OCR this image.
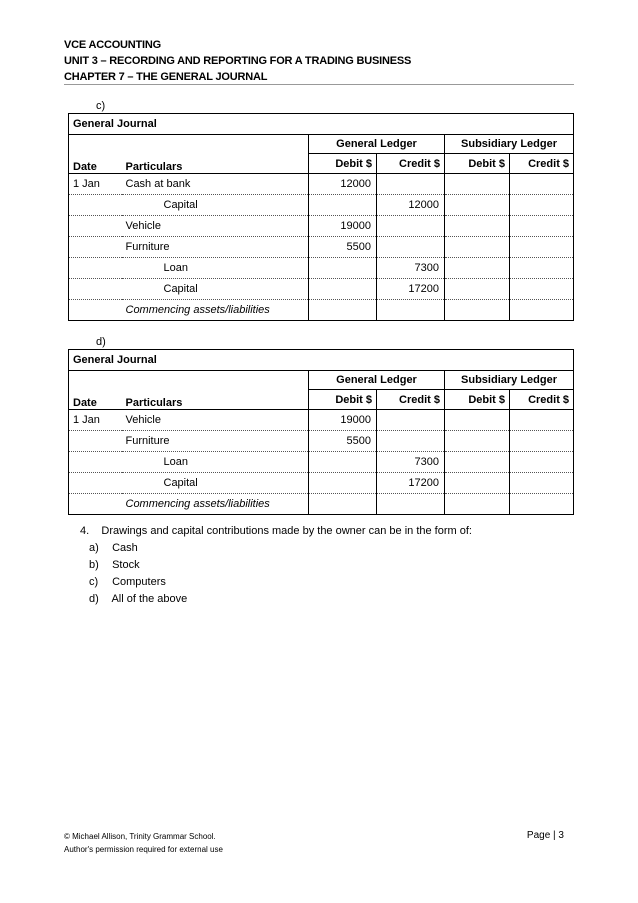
VCE ACCOUNTING
UNIT 3 – RECORDING AND REPORTING FOR A TRADING BUSINESS
CHAPTER 7 – THE GENERAL JOURNAL
c)
General Journal					
Date	Particulars	General Ledger		Subsidiary Ledger	
		Debit $	Credit $	Debit $	Credit $
1 Jan	Cash at bank	12000			
	Capital		12000		
	Vehicle	19000			
	Furniture	5500			
	Loan		7300		
	Capital		17200		
	Commencing assets/liabilities				
d)
General Journal					
Date	Particulars	General Ledger		Subsidiary Ledger	
		Debit $	Credit $	Debit $	Credit $
1 Jan	Vehicle	19000			
	Furniture	5500			
	Loan		7300		
	Capital		17200		
	Commencing assets/liabilities				
4. Drawings and capital contributions made by the owner can be in the form of:
a) Cash
b) Stock
c) Computers
d) All of the above
© Michael Allison, Trinity Grammar School.
Author's permission required for external use
Page | 3
